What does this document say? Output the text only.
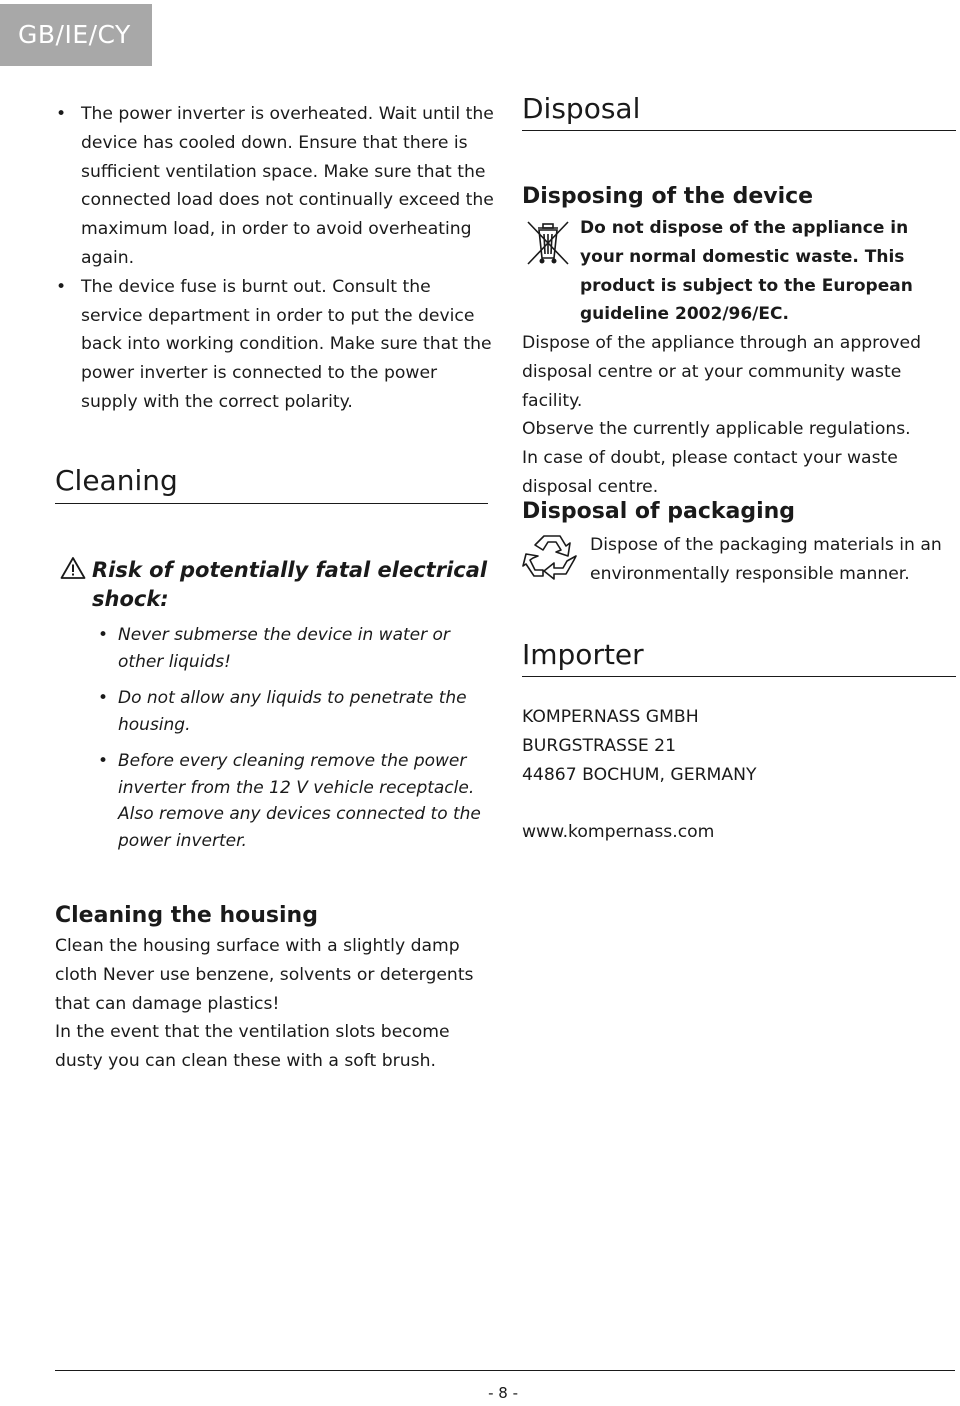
GB/IE/CY
• The power inverter is overheated. Wait until the device has cooled down. Ensure that there is sufficient ventilation space. Make sure that the connected load does not continually exceed the maximum load, in order to avoid overheating again.
• The device fuse is burnt out. Consult the service department in order to put the device back into working condition. Make sure that the power inverter is connected to the power supply with the correct polarity.
Cleaning
Risk of potentially fatal electrical shock:
• Never submerse the device in water or other liquids!
• Do not allow any liquids to penetrate the housing.
• Before every cleaning remove the power inverter from the 12 V vehicle receptacle. Also remove any devices connected to the power inverter.
Cleaning the housing
Clean the housing surface with a slightly damp cloth Never use benzene, solvents or detergents that can damage plastics!
In the event that the ventilation slots become dusty you can clean these with a soft brush.
Disposal
Disposing of the device
Do not dispose of the appliance in your normal domestic waste. This product is subject to the European guideline 2002/96/EC.
Dispose of the appliance through an approved disposal centre or at your community waste facility.
Observe the currently applicable regulations.
In case of doubt, please contact your waste disposal centre.
Disposal of packaging
Dispose of the packaging materials in an environmentally responsible manner.
Importer
KOMPERNASS GMBH
BURGSTRASSE 21
44867 BOCHUM, GERMANY
www.kompernass.com
- 8 -
